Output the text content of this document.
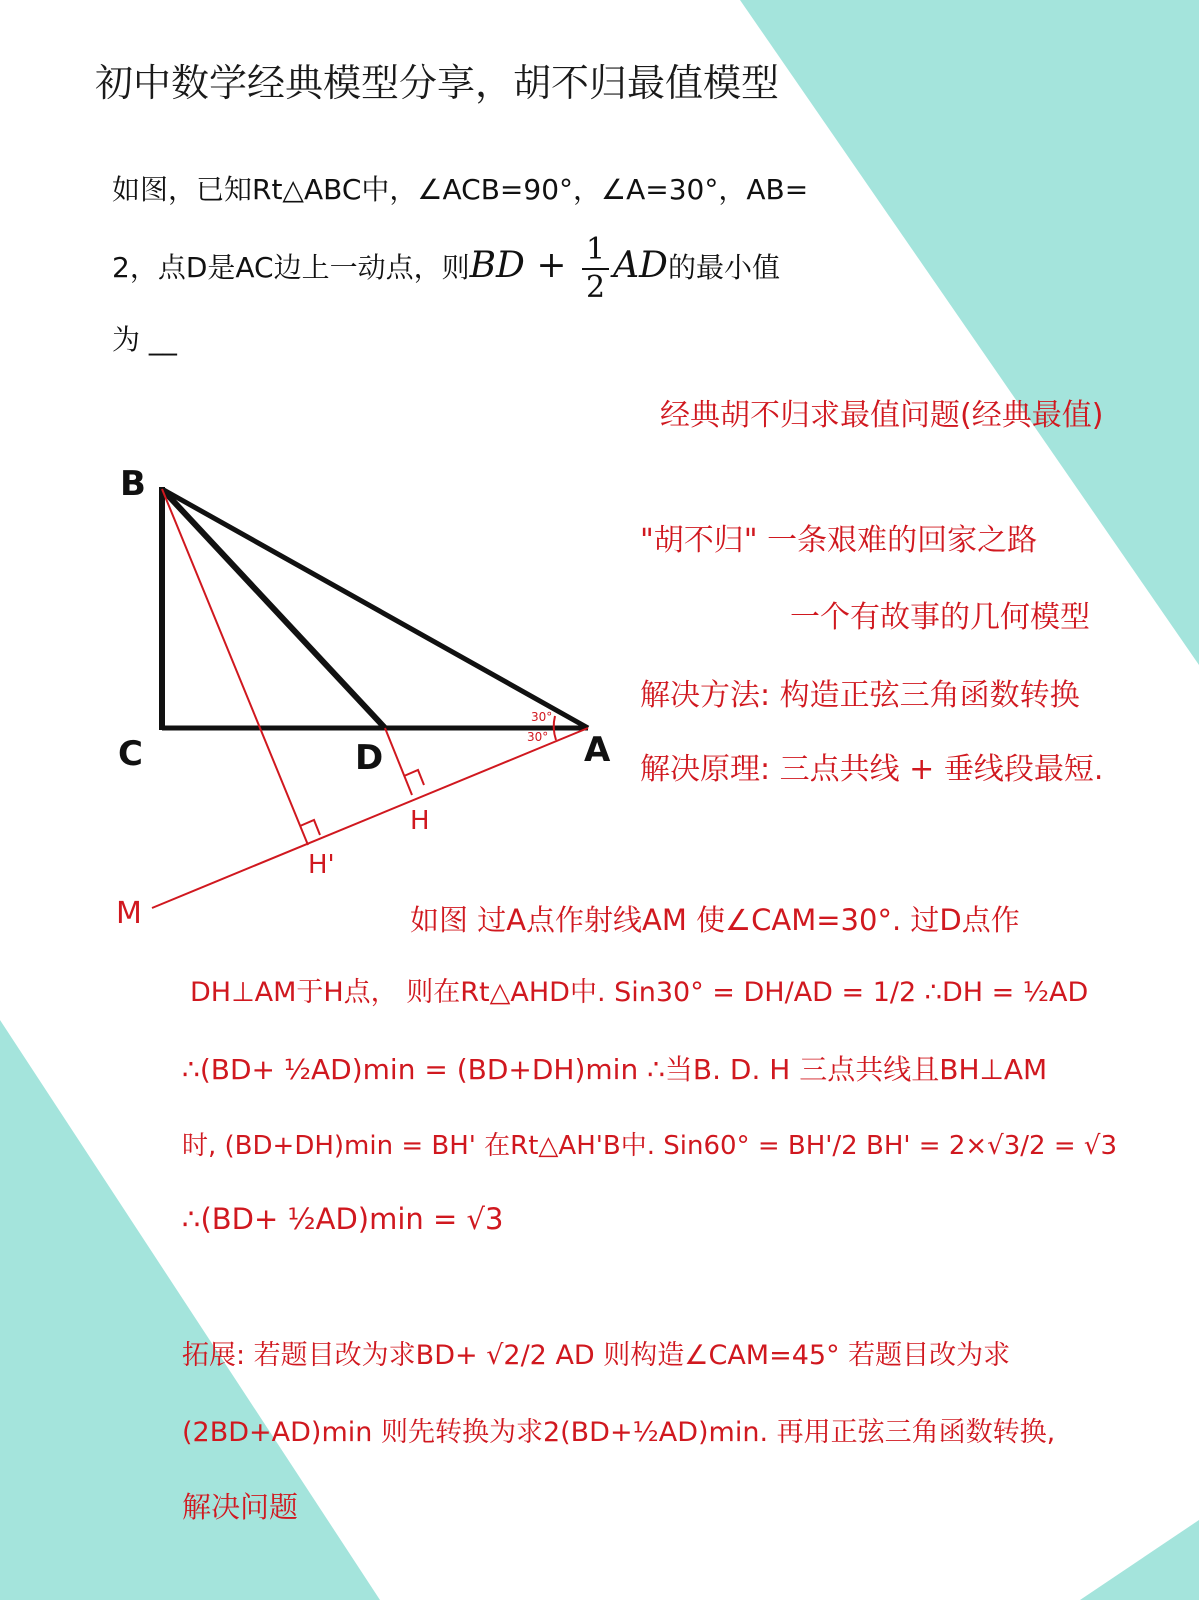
初中数学经典模型分享，胡不归最值模型
如图，已知Rt△ABC中，∠ACB=90°，∠A=30°，AB=
2，点D是AC边上一动点，则BD + $\frac{1}{2}$ AD的最小值
为 __
B
C	D	A
H
H'
M
30°
30°
经典胡不归求最值问题(经典最值)
"胡不归" 一条艰难的回家之路
一个有故事的几何模型
解决方法: 构造正弦三角函数转换
解决原理: 三点共线 + 垂线段最短.
如图 过A点作射线AM 使∠CAM=30°. 过D点作
DH⊥AM于H点， 则在Rt△AHD中. Sin30° = DH/AD = 1/2 ∴DH = ½AD
∴(BD+ ½AD)min = (BD+DH)min ∴当B. D. H 三点共线且BH⊥AM
时, (BD+DH)min = BH' 在Rt△AH'B中. Sin60° = BH'/2 BH' = 2×√3/2 = √3
∴(BD+ ½AD)min = √3
拓展: 若题目改为求BD+ √2/2 AD 则构造∠CAM=45° 若题目改为求
(2BD+AD)min 则先转换为求2(BD+½AD)min. 再用正弦三角函数转换,
解决问题
